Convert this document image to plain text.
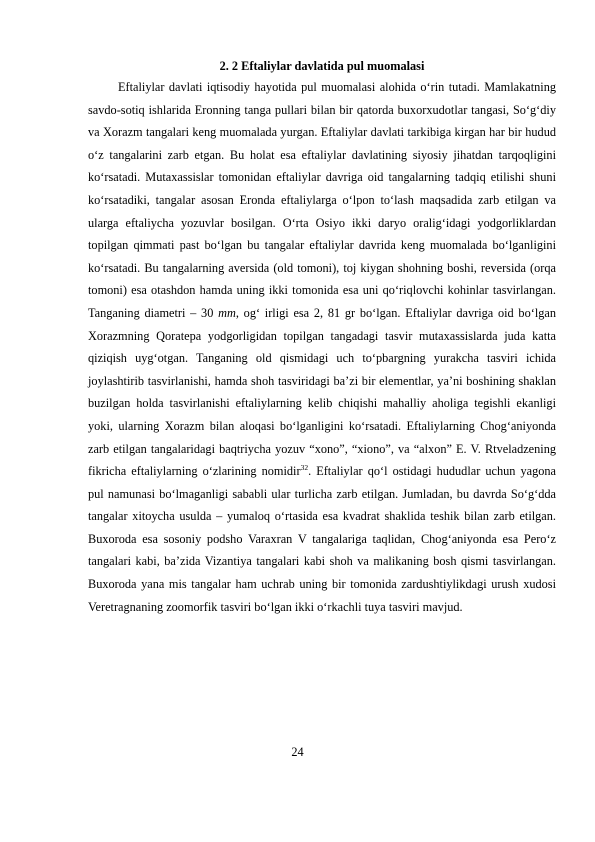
2. 2 Eftaliylar davlatida pul muomalasi

Eftaliylar davlati iqtisodiy hayotida pul muomalasi alohida o‘rin tutadi. Mamlakatning savdo-sotiq ishlarida Eronning tanga pullari bilan bir qatorda buxorxudotlar tangasi, So‘g‘diy va Xorazm tangalari keng muomalada yurgan. Eftaliylar davlati tarkibiga kirgan har bir hudud o‘z tangalarini zarb etgan. Bu holat esa eftaliylar davlatining siyosiy jihatdan tarqoqligini ko‘rsatadi. Mutaxassislar tomonidan eftaliylar davriga oid tangalarning tadqiq etilishi shuni ko‘rsatadiki, tangalar asosan Eronda eftaliylarga o‘lpon to‘lash maqsadida zarb etilgan va ularga eftaliycha yozuvlar bosilgan. O‘rta Osiyo ikki daryo oralig‘idagi yodgorliklardan topilgan qimmati past bo‘lgan bu tangalar eftaliylar davrida keng muomalada bo‘lganligini ko‘rsatadi. Bu tangalarning aversida (old tomoni), toj kiygan shohning boshi, reversida (orqa tomoni) esa otashdon hamda uning ikki tomonida esa uni qo‘riqlovchi kohinlar tasvirlangan. Tanganing diametri – 30 mm, og‘ irligi esa 2, 81 gr bo‘lgan. Eftaliylar davriga oid bo‘lgan Xorazmning Qoratepa yodgorligidan topilgan tangadagi tasvir mutaxassislarda juda katta qiziqish uyg‘otgan. Tanganing old qismidagi uch to‘pbargning yurakcha tasviri ichida joylashtirib tasvirlanishi, hamda shoh tasviridagi ba’zi bir elementlar, ya’ni boshining shaklan buzilgan holda tasvirlanishi eftaliylarning kelib chiqishi mahalliy aholiga tegishli ekanligi yoki, ularning Xorazm bilan aloqasi bo‘lganligini ko‘rsatadi. Eftaliylarning Chog‘aniyonda zarb etilgan tangalaridagi baqtriycha yozuv “xono”, “xiono”, va “alxon” E. V. Rtveladzening fikricha eftaliylarning o‘zlarining nomidir$^{32}$. Eftaliylar qo‘l ostidagi hududlar uchun yagona pul namunasi bo‘lmaganligi sababli ular turlicha zarb etilgan. Jumladan, bu davrda So‘g‘dda tangalar xitoycha usulda – yumaloq o‘rtasida esa kvadrat shaklida teshik bilan zarb etilgan. Buxoroda esa sosoniy podsho Varaxran V tangalariga taqlidan, Chog‘aniyonda esa Pero‘z tangalari kabi, ba’zida Vizantiya tangalari kabi shoh va malikaning bosh qismi tasvirlangan. Buxoroda yana mis tangalar ham uchrab uning bir tomonida zardushtiylikdagi urush xudosi Veretragnaning zoomorfik tasviri bo‘lgan ikki o‘rkachli tuya tasviri mavjud.

24
